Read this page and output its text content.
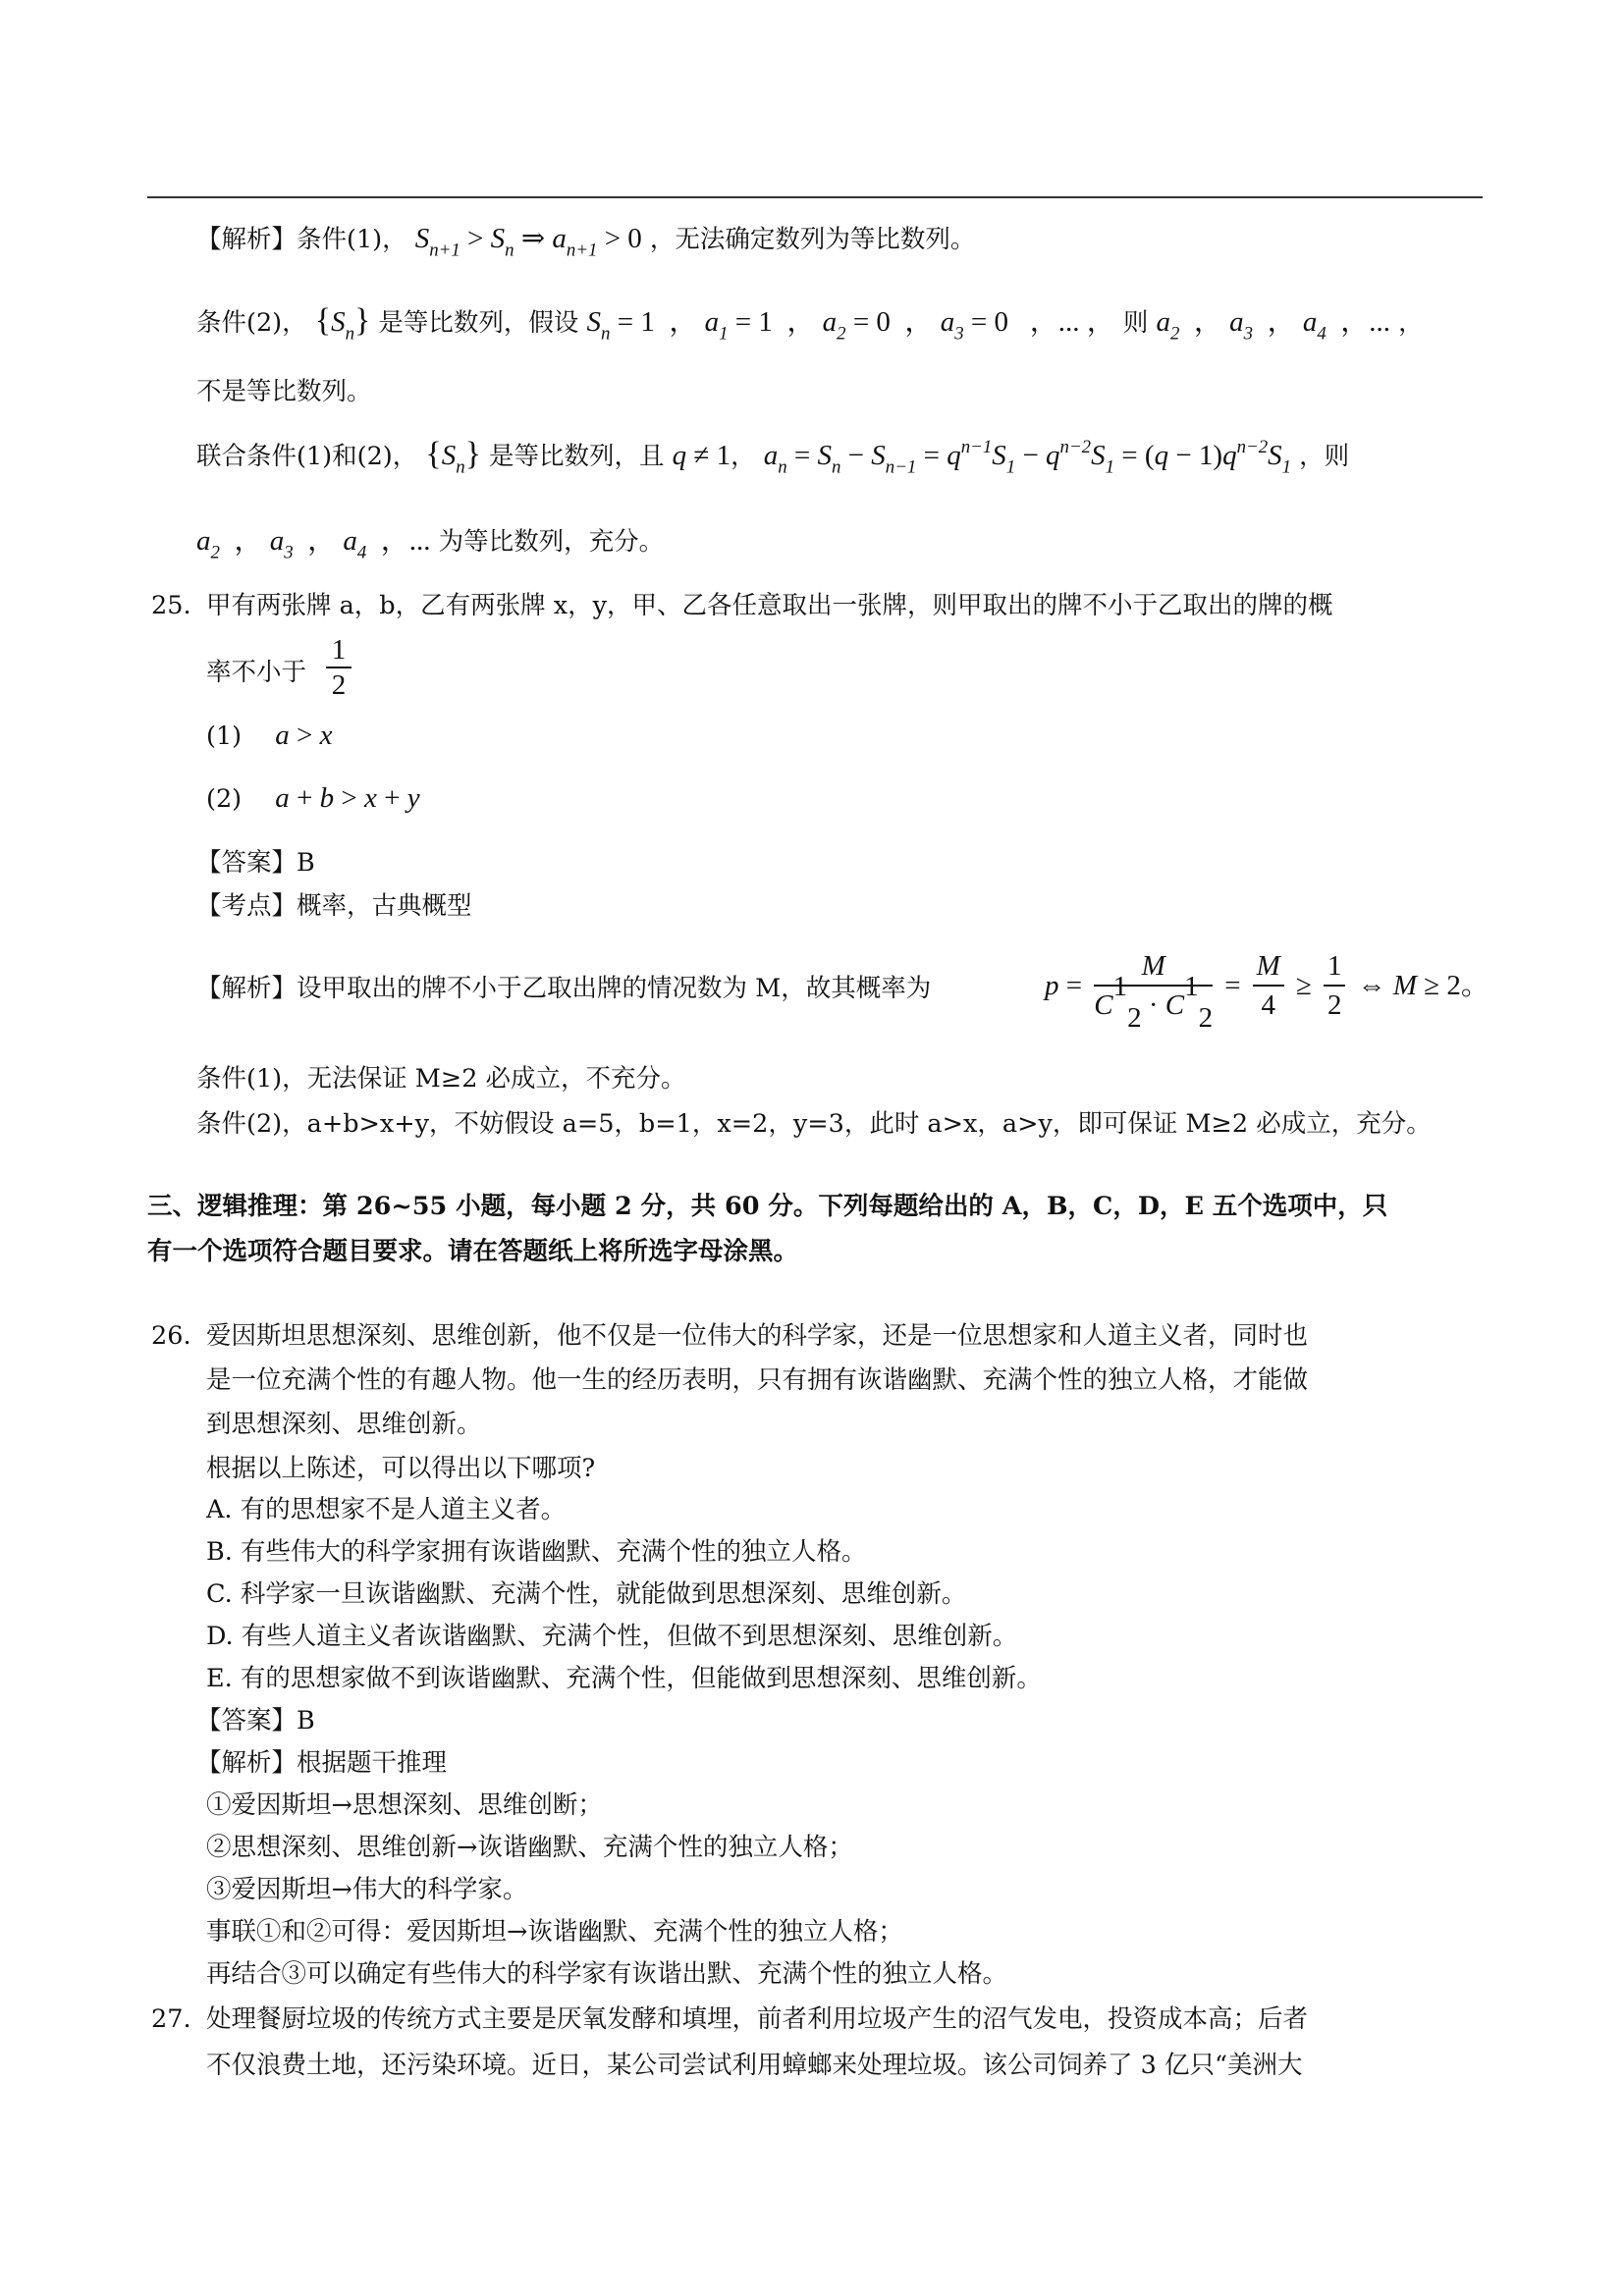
【解析】条件(1)， $S_{n+1} > S_n$ ⇒ $a_{n+1} > 0$ ，无法确定数列为等比数列。
条件(2)， $\{S_n\}$ 是等比数列，假设 $S_n = 1$ ， $a_1 = 1$ ， $a_2 = 0$ ， $a_3 = 0$ ，... ， 则 $a_2$ ， $a_3$ ， $a_4$ ，... ，
不是等比数列。
联合条件(1)和(2)， $\{S_n\}$ 是等比数列，且 q ≠ 1， $a_n = S_n - S_{n-1} = q^{n-1}S_1 - q^{n-2}S_1 = (q - 1)q^{n-2}S_1$ ，则
$a_2$ ， $a_3$ ， $a_4$ ，... 为等比数列，充分。
25. 甲有两张牌 a，b，乙有两张牌 x，y，甲、乙各任意取出一张牌，则甲取出的牌不小于乙取出的牌的概
率不小于
1
2
(1) a > x
(2) a + b > x + y
【答案】B
【考点】概率，古典概型
【解析】设甲取出的牌不小于乙取出牌的情况数为 M，故其概率为	$p = \frac{M}{C^1_2 \cdot C^1_2} = \frac{M}{4} \ge \frac{1}{2}$ ⇔ M ≥ 2。
条件(1)，无法保证 M≥2 必成立，不充分。
条件(2)，a+b>x+y，不妨假设 a=5，b=1，x=2，y=3，此时 a>x，a>y，即可保证 M≥2 必成立，充分。
三、逻辑推理：第 26~55 小题，每小题 2 分，共 60 分。下列每题给出的 A，B，C，D，E 五个选项中，只
有一个选项符合题目要求。请在答题纸上将所选字母涂黑。
26. 爱因斯坦思想深刻、思维创新，他不仅是一位伟大的科学家，还是一位思想家和人道主义者，同时也
是一位充满个性的有趣人物。他一生的经历表明，只有拥有诙谐幽默、充满个性的独立人格，才能做
到思想深刻、思维创新。
根据以上陈述，可以得出以下哪项?
A. 有的思想家不是人道主义者。
B. 有些伟大的科学家拥有诙谐幽默、充满个性的独立人格。
C. 科学家一旦诙谐幽默、充满个性，就能做到思想深刻、思维创新。
D. 有些人道主义者诙谐幽默、充满个性，但做不到思想深刻、思维创新。
E. 有的思想家做不到诙谐幽默、充满个性，但能做到思想深刻、思维创新。
【答案】B
【解析】根据题干推理
①爱因斯坦→思想深刻、思维创断；
②思想深刻、思维创新→诙谐幽默、充满个性的独立人格；
③爱因斯坦→伟大的科学家。
事联①和②可得：爱因斯坦→诙谐幽默、充满个性的独立人格；
再结合③可以确定有些伟大的科学家有诙谐出默、充满个性的独立人格。
27. 处理餐厨垃圾的传统方式主要是厌氧发酵和填埋，前者利用垃圾产生的沼气发电，投资成本高；后者
不仅浪费土地，还污染环境。近日，某公司尝试利用蟑螂来处理垃圾。该公司饲养了 3 亿只“美洲大
